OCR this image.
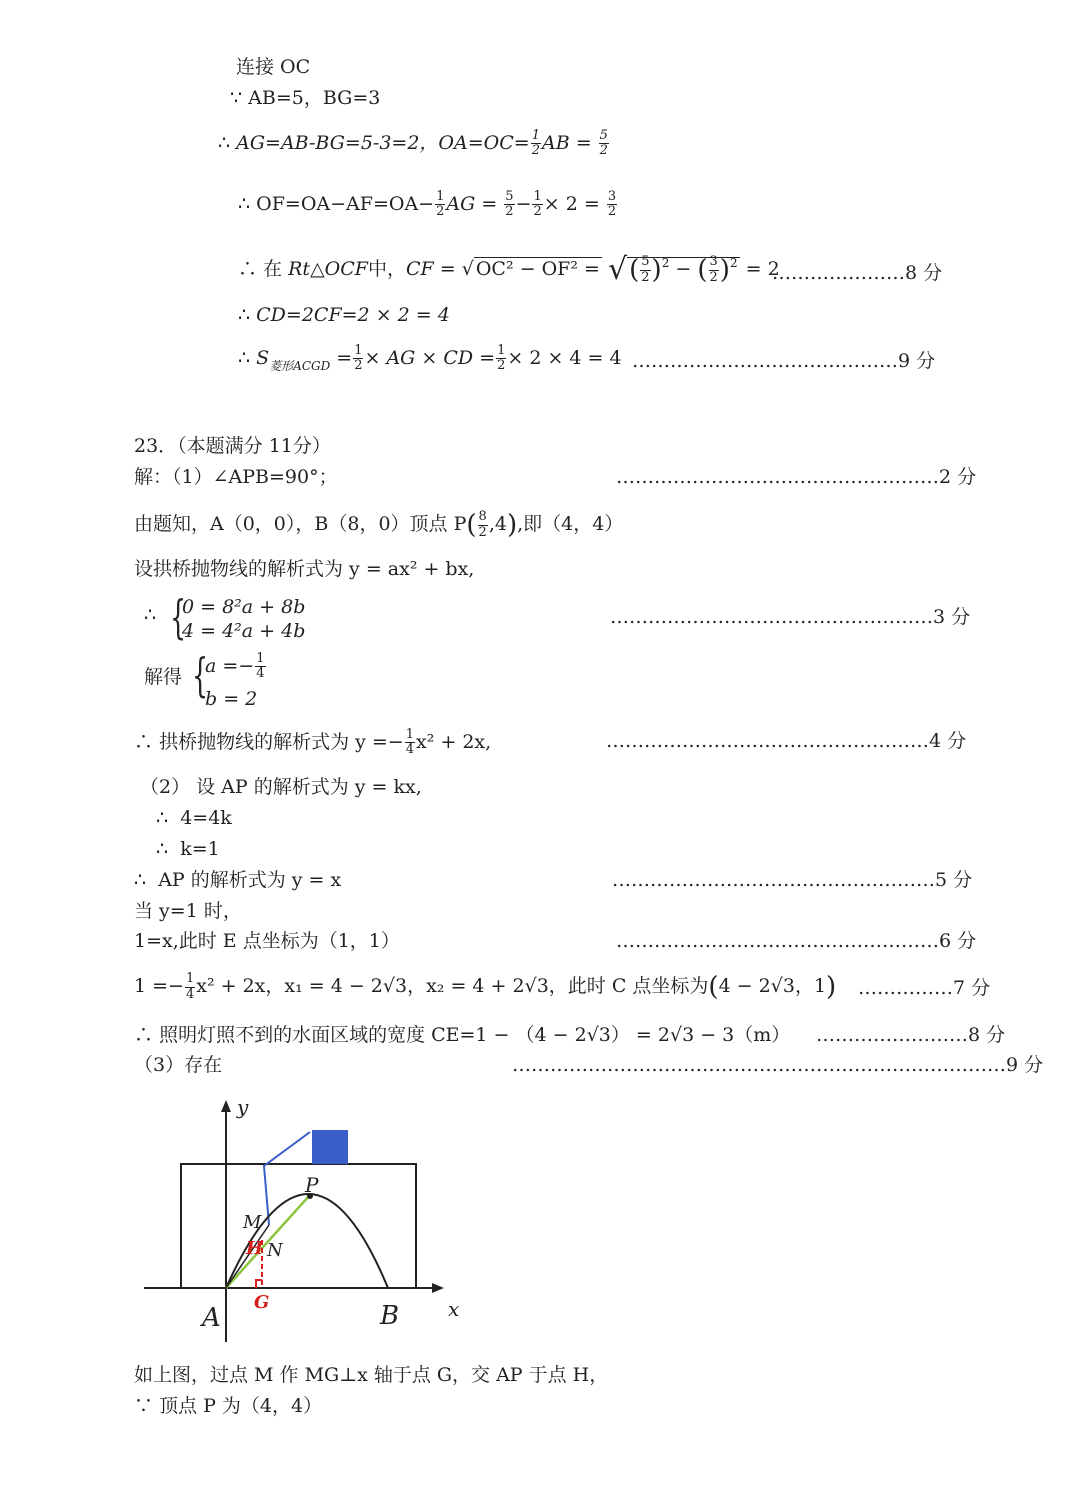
连接 OC
∵ AB=5，BG=3
∴ AG=AB-BG=5-3=2，$OA=OC= \frac{1}{2}$ AB = $\frac{5}{2}$
∴ $OF=OA-AF=OA- \frac{1}{2}$ AG = $\frac{5}{2} - \frac{1}{2} \times 2 = \frac{3}{2}$
∴ 在 Rt△OCF中，CF = √ OC² − OF² = √( $\frac{5}{2} )^2$ − ( $\frac{3}{2} )^2 = 2$
…………………8 分
∴ CD=2CF=2 × 2 = 4
∴ $S_{菱形ACGD} = \frac{1}{2}$ × AG × CD = $\frac{1}{2} \times 2 \times 4 = 4$ ……………………………………9 分
23．（本题满分 11分）
解：（1）∠APB=90°；	……………………………………………2 分
由题知，A（0，0），B（8，0）顶点 $P( \frac{8}{2} ,4)$,即（4，4）
设拱桥抛物线的解析式为 y = ax² + bx,
∴ {
0 = 8²a + 8b
4 = 4²a + 4b
……………………………………………3 分
解得 {
$a =- \frac{1}{4}$
b = 2
∴ 拱桥抛物线的解析式为 $y =- \frac{1}{4} x^2 + 2x$,	……………………………………………4 分
（2） 设 AP 的解析式为 y = kx,
∴ 4=4k
∴ k=1
∴ AP 的解析式为 y = x	……………………………………………5 分
当 y=1 时，
1=x,此时 E 点坐标为（1，1）	……………………………………………6 分
$1 =- \frac{1}{4} x^2 + 2x$，x₁ = 4 − 2√3，x₂ = 4 + 2√3，此时 C 点坐标为(4 − 2√3，1) ……………7 分
∴ 照明灯照不到的水面区域的宽度 CE=1 − （4 − 2√3） = 2√3 − 3（m） ……………………8 分
（3）存在	……………………………………………………………………9 分
y
x
A	B
P
M
H N
G
如上图，过点 M 作 MG⊥x 轴于点 G，交 AP 于点 H，
∵ 顶点 P 为（4，4）
